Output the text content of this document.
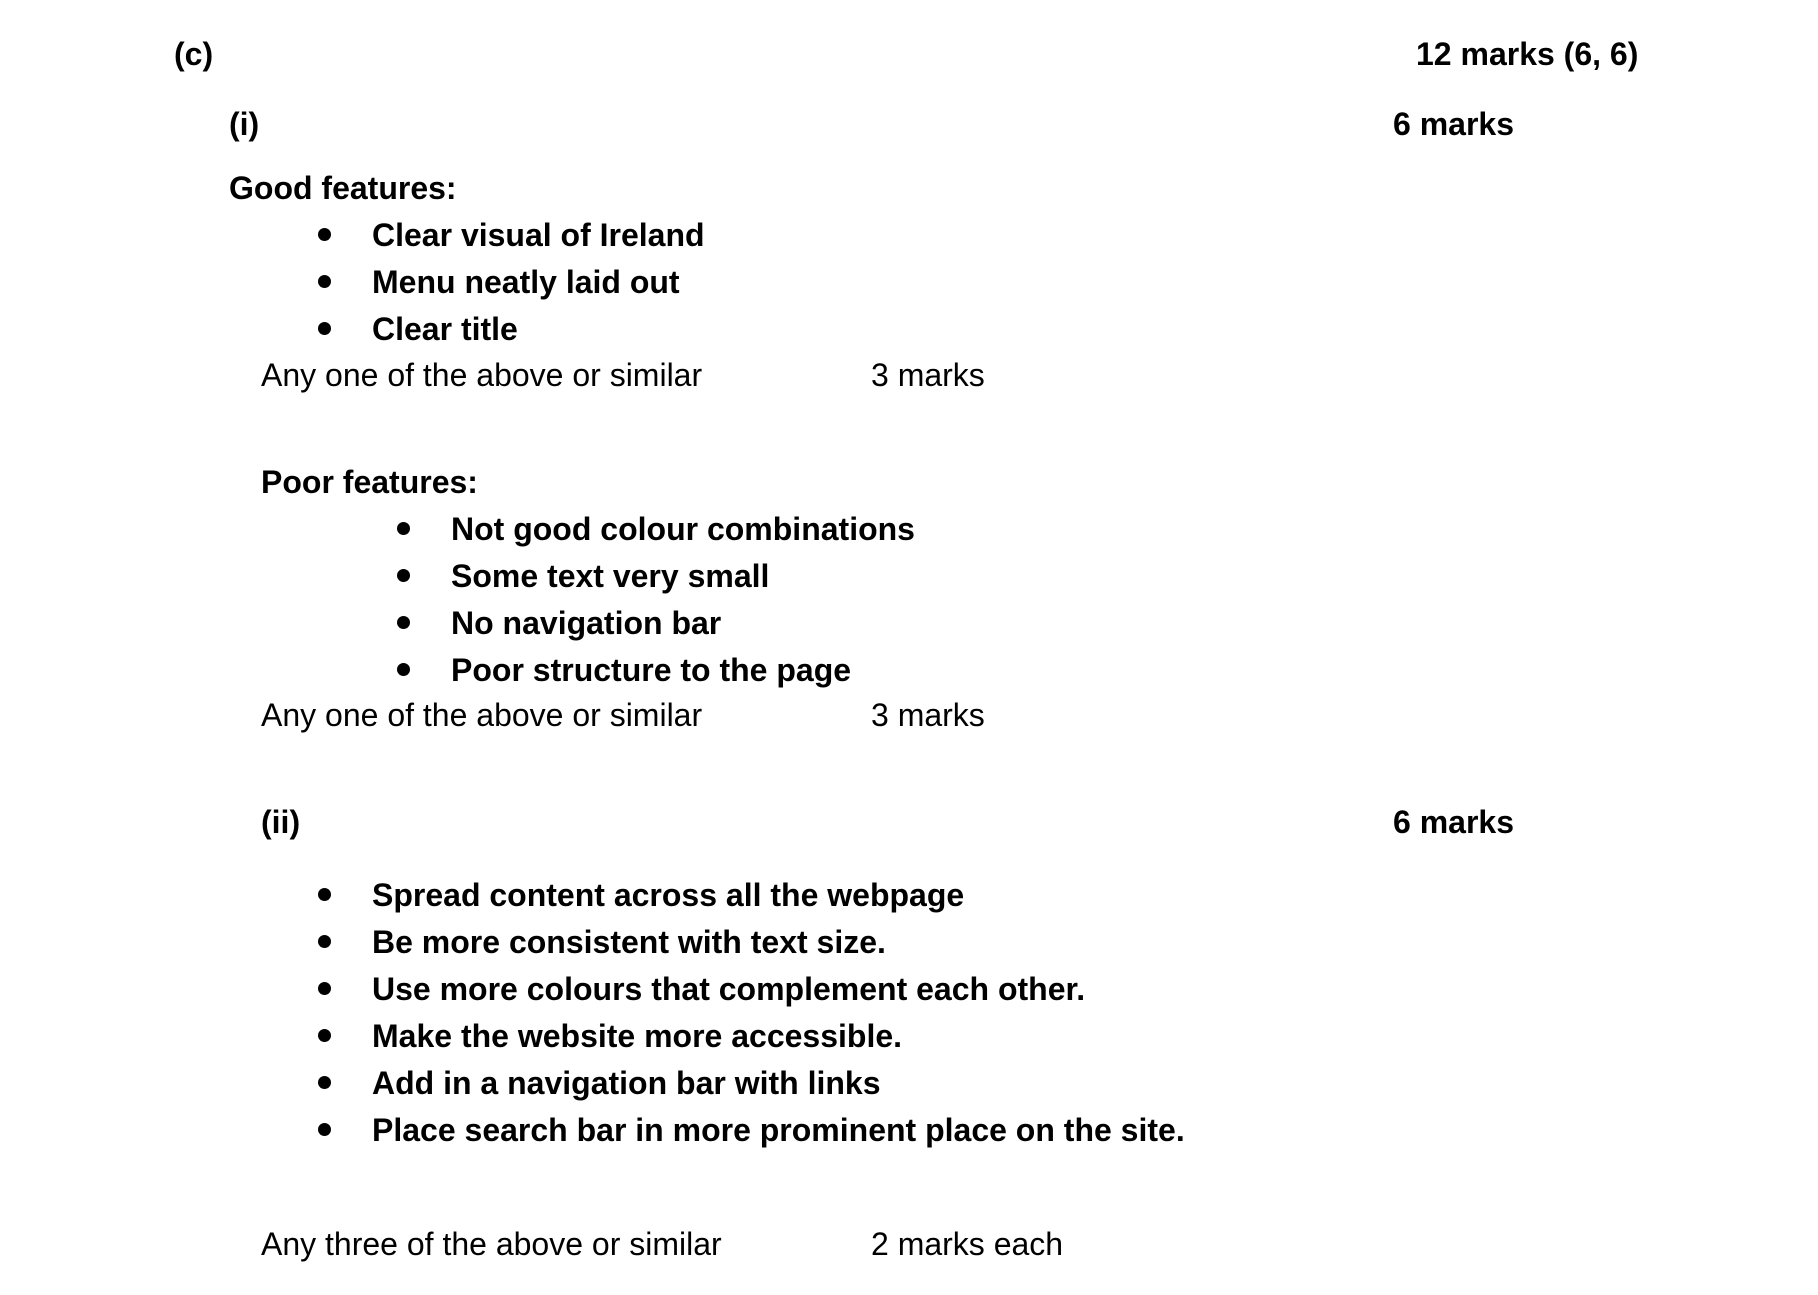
(c)	12 marks (6, 6)
(i)	6 marks
Good features:
Clear visual of Ireland
Menu neatly laid out
Clear title
Any one of the above or similar	3 marks
Poor features:
Not good colour combinations
Some text very small
No navigation bar
Poor structure to the page
Any one of the above or similar	3 marks
(ii)	6 marks
Spread content across all the webpage
Be more consistent with text size.
Use more colours that complement each other.
Make the website more accessible.
Add in a navigation bar with links
Place search bar in more prominent place on the site.
Any three of the above or similar	2 marks each
